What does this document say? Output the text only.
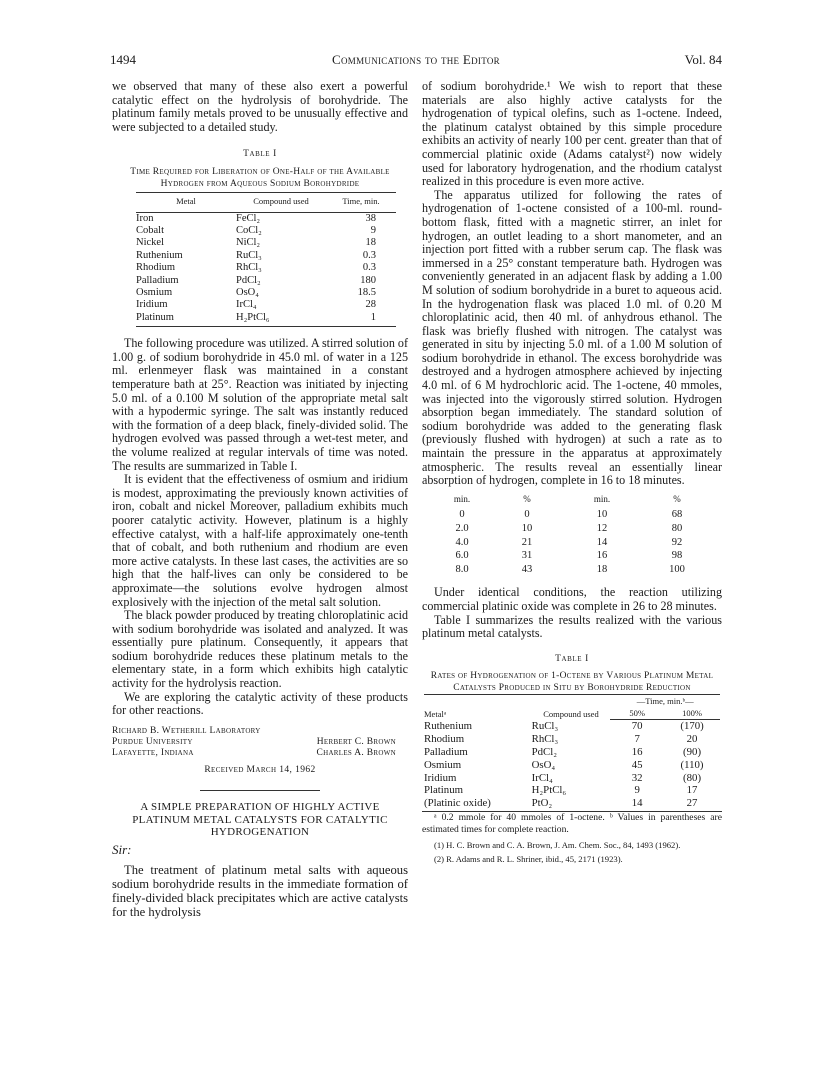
1494	Communications to the Editor	Vol. 84

we observed that many of these also exert a powerful catalytic effect on the hydrolysis of borohydride. The platinum family metals proved to be unusually effective and were subjected to a detailed study.

Table I
Time Required for Liberation of One-Half of the Available Hydrogen from Aqueous Sodium Borohydride
Metal	Compound used	Time, min.
Iron	FeCl₂	38
Cobalt	CoCl₂	9
Nickel	NiCl₂	18
Ruthenium	RuCl₃	0.3
Rhodium	RhCl₃	0.3
Palladium	PdCl₂	180
Osmium	OsO₄	18.5
Iridium	IrCl₄	28
Platinum	H₂PtCl₆	1

The following procedure was utilized. A stirred solution of 1.00 g. of sodium borohydride in 45.0 ml. of water in a 125 ml. erlenmeyer flask was maintained in a constant temperature bath at 25°. Reaction was initiated by injecting 5.0 ml. of a 0.100 M solution of the appropriate metal salt with a hypodermic syringe. The salt was instantly reduced with the formation of a deep black, finely-divided solid. The hydrogen evolved was passed through a wet-test meter, and the volume realized at regular intervals of time was noted. The results are summarized in Table I.

It is evident that the effectiveness of osmium and iridium is modest, approximating the previously known activities of iron, cobalt and nickel Moreover, palladium exhibits much poorer catalytic activity. However, platinum is a highly effective catalyst, with a half-life approximately one-tenth that of cobalt, and both ruthenium and rhodium are even more active catalysts. In these last cases, the activities are so high that the half-lives can only be considered to be approximate—the solutions evolve hydrogen almost explosively with the injection of the metal salt solution.

The black powder produced by treating chloroplatinic acid with sodium borohydride was isolated and analyzed. It was essentially pure platinum. Consequently, it appears that sodium borohydride reduces these platinum metals to the elementary state, in a form which exhibits high catalytic activity for the hydrolysis reaction.

We are exploring the catalytic activity of these products for other reactions.

Richard B. Wetherill Laboratory
Purdue University
Lafayette, Indiana
Herbert C. Brown
Charles A. Brown
Received March 14, 1962
A SIMPLE PREPARATION OF HIGHLY ACTIVE PLATINUM METAL CATALYSTS FOR CATALYTIC HYDROGENATION
Sir:

The treatment of platinum metal salts with aqueous sodium borohydride results in the immediate formation of finely-divided black precipitates which are active catalysts for the hydrolysis

of sodium borohydride.¹ We wish to report that these materials are also highly active catalysts for the hydrogenation of typical olefins, such as 1-octene. Indeed, the platinum catalyst obtained by this simple procedure exhibits an activity of nearly 100 per cent. greater than that of commercial platinic oxide (Adams catalyst²) now widely used for laboratory hydrogenation, and the rhodium catalyst realized in this procedure is even more active.

The apparatus utilized for following the rates of hydrogenation of 1-octene consisted of a 100-ml. round-bottom flask, fitted with a magnetic stirrer, an inlet for hydrogen, an outlet leading to a short manometer, and an injection port fitted with a rubber serum cap. The flask was immersed in a 25° constant temperature bath. Hydrogen was conveniently generated in an adjacent flask by adding a 1.00 M solution of sodium borohydride in a buret to aqueous acid. In the hydrogenation flask was placed 1.0 ml. of 0.20 M chloroplatinic acid, then 40 ml. of anhydrous ethanol. The flask was briefly flushed with nitrogen. The catalyst was generated in situ by injecting 5.0 ml. of a 1.00 M solution of sodium borohydride in ethanol. The excess borohydride was destroyed and a hydrogen atmosphere achieved by injecting 4.0 ml. of 6 M hydrochloric acid. The 1-octene, 40 mmoles, was injected into the vigorously stirred solution. Hydrogen absorption began immediately. The standard solution of sodium borohydride was added to the generating flask (previously flushed with hydrogen) at such a rate as to maintain the pressure in the apparatus at approximately atmospheric. The results reveal an essentially linear absorption of hydrogen, complete in 16 to 18 minutes.

min.	%	min.	%
0	0	10	68
2.0	10	12	80
4.0	21	14	92
6.0	31	16	98
8.0	43	18	100

Under identical conditions, the reaction utilizing commercial platinic oxide was complete in 26 to 28 minutes.

Table I summarizes the results realized with the various platinum metal catalysts.

Table I
Rates of Hydrogenation of 1-Octene by Various Platinum Metal Catalysts Produced in Situ by Borohydride Reduction
Metalᵃ	Compound used	—Time, min.ᵇ—	
		50%	100%
Ruthenium	RuCl₃	70	(170)
Rhodium	RhCl₃	7	20
Palladium	PdCl₂	16	(90)
Osmium	OsO₄	45	(110)
Iridium	IrCl₄	32	(80)
Platinum	H₂PtCl₆	9	17
(Platinic oxide)	PtO₂	14	27

ᵃ 0.2 mmole for 40 mmoles of 1-octene. ᵇ Values in parentheses are estimated times for complete reaction.

(1) H. C. Brown and C. A. Brown, J. Am. Chem. Soc., 84, 1493 (1962).

(2) R. Adams and R. L. Shriner, ibid., 45, 2171 (1923).
